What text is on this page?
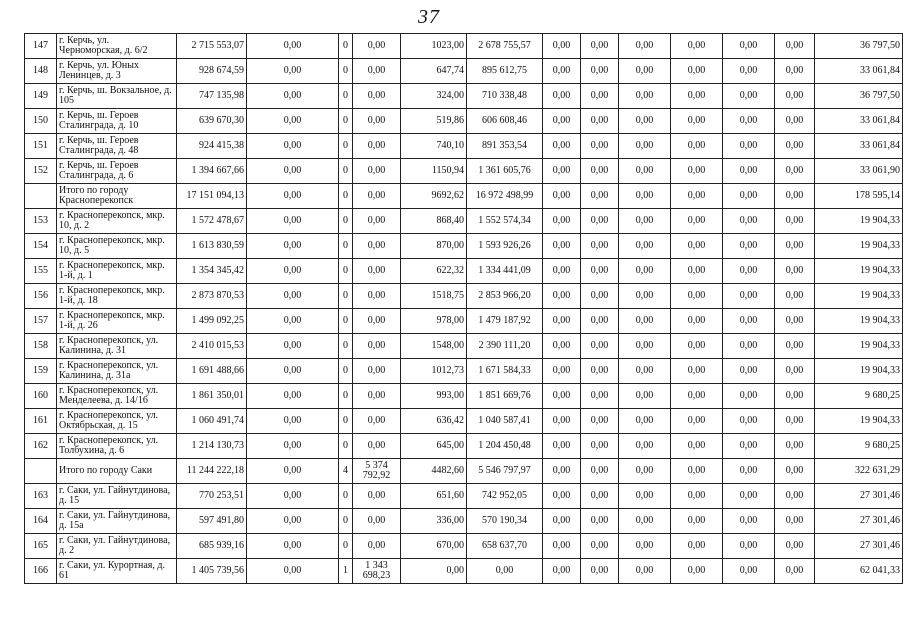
37
147	г. Керчь, ул. Черноморская, д. 6/2	2 715 553,07	0,00	0	0,00	1023,00	2 678 755,57	0,00	0,00	0,00	0,00	0,00	0,00	36 797,50
148	г. Керчь, ул. Юных Ленинцев, д. 3	928 674,59	0,00	0	0,00	647,74	895 612,75	0,00	0,00	0,00	0,00	0,00	0,00	33 061,84
149	г. Керчь, ш. Вокзальное, д. 105	747 135,98	0,00	0	0,00	324,00	710 338,48	0,00	0,00	0,00	0,00	0,00	0,00	36 797,50
150	г. Керчь, ш. Героев Сталинграда, д. 10	639 670,30	0,00	0	0,00	519,86	606 608,46	0,00	0,00	0,00	0,00	0,00	0,00	33 061,84
151	г. Керчь, ш. Героев Сталинграда, д. 48	924 415,38	0,00	0	0,00	740,10	891 353,54	0,00	0,00	0,00	0,00	0,00	0,00	33 061,84
152	г. Керчь, ш. Героев Сталинграда, д. 6	1 394 667,66	0,00	0	0,00	1150,94	1 361 605,76	0,00	0,00	0,00	0,00	0,00	0,00	33 061,90
	Итого по городу Красноперекопск	17 151 094,13	0,00	0	0,00	9692,62	16 972 498,99	0,00	0,00	0,00	0,00	0,00	0,00	178 595,14
153	г. Красноперекопск, мкр. 10, д. 2	1 572 478,67	0,00	0	0,00	868,40	1 552 574,34	0,00	0,00	0,00	0,00	0,00	0,00	19 904,33
154	г. Красноперекопск, мкр. 10, д. 5	1 613 830,59	0,00	0	0,00	870,00	1 593 926,26	0,00	0,00	0,00	0,00	0,00	0,00	19 904,33
155	г. Красноперекопск, мкр. 1-й, д. 1	1 354 345,42	0,00	0	0,00	622,32	1 334 441,09	0,00	0,00	0,00	0,00	0,00	0,00	19 904,33
156	г. Красноперекопск, мкр. 1-й, д. 18	2 873 870,53	0,00	0	0,00	1518,75	2 853 966,20	0,00	0,00	0,00	0,00	0,00	0,00	19 904,33
157	г. Красноперекопск, мкр. 1-й, д. 26	1 499 092,25	0,00	0	0,00	978,00	1 479 187,92	0,00	0,00	0,00	0,00	0,00	0,00	19 904,33
158	г. Красноперекопск, ул. Калинина, д. 31	2 410 015,53	0,00	0	0,00	1548,00	2 390 111,20	0,00	0,00	0,00	0,00	0,00	0,00	19 904,33
159	г. Красноперекопск, ул. Калинина, д. 31а	1 691 488,66	0,00	0	0,00	1012,73	1 671 584,33	0,00	0,00	0,00	0,00	0,00	0,00	19 904,33
160	г. Красноперекопск, ул. Менделеева, д. 14/16	1 861 350,01	0,00	0	0,00	993,00	1 851 669,76	0,00	0,00	0,00	0,00	0,00	0,00	9 680,25
161	г. Красноперекопск, ул. Октябрьская, д. 15	1 060 491,74	0,00	0	0,00	636,42	1 040 587,41	0,00	0,00	0,00	0,00	0,00	0,00	19 904,33
162	г. Красноперекопск, ул. Толбухина, д. 6	1 214 130,73	0,00	0	0,00	645,00	1 204 450,48	0,00	0,00	0,00	0,00	0,00	0,00	9 680,25
	Итого по городу Саки	11 244 222,18	0,00	4	5 374 792,92	4482,60	5 546 797,97	0,00	0,00	0,00	0,00	0,00	0,00	322 631,29
163	г. Саки, ул. Гайнутдинова, д. 15	770 253,51	0,00	0	0,00	651,60	742 952,05	0,00	0,00	0,00	0,00	0,00	0,00	27 301,46
164	г. Саки, ул. Гайнутдинова, д. 15а	597 491,80	0,00	0	0,00	336,00	570 190,34	0,00	0,00	0,00	0,00	0,00	0,00	27 301,46
165	г. Саки, ул. Гайнутдинова, д. 2	685 939,16	0,00	0	0,00	670,00	658 637,70	0,00	0,00	0,00	0,00	0,00	0,00	27 301,46
166	г. Саки, ул. Курортная, д. 61	1 405 739,56	0,00	1	1 343 698,23	0,00	0,00	0,00	0,00	0,00	0,00	0,00	0,00	62 041,33
